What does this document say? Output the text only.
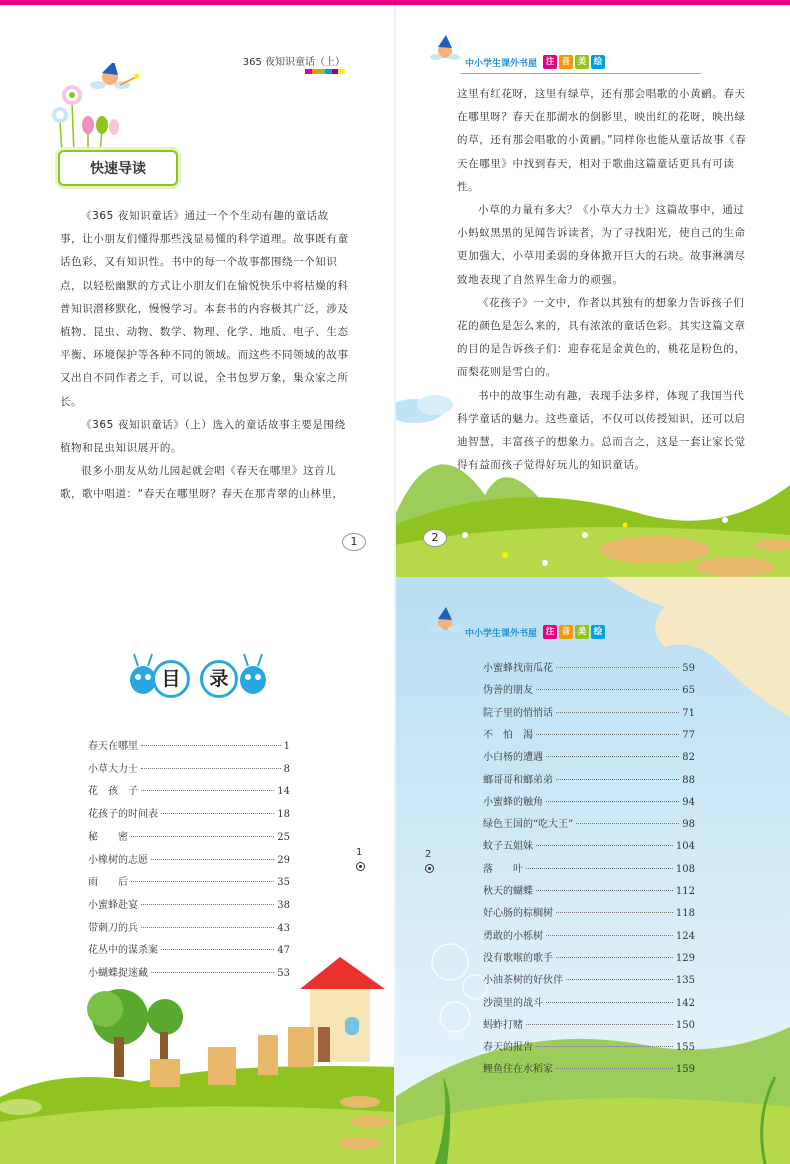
365 夜知识童话（上）
快速导读

《365 夜知识童话》通过一个个生动有趣的童话故事，让小朋友们懂得那些浅显易懂的科学道理。故事既有童话色彩，又有知识性。书中的每一个故事都围绕一个知识点，以轻松幽默的方式让小朋友们在愉悦快乐中将枯燥的科普知识潜移默化，慢慢学习。本套书的内容极其广泛，涉及植物、昆虫、动物、数学、物理、化学、地质、电子、生态平衡、环境保护等各种不同的领域。而这些不同领域的故事又出自不同作者之手，可以说，全书包罗万象，集众家之所长。

《365 夜知识童话》（上）选入的童话故事主要是围绕植物和昆虫知识展开的。

很多小朋友从幼儿园起就会唱《春天在哪里》这首儿歌，歌中唱道：“春天在哪里呀？春天在那青翠的山林里，

1
中小学生课外书屋	注 音 美 绘

这里有红花呀，这里有绿草，还有那会唱歌的小黄鹂。春天在哪里呀？春天在那湖水的倒影里，映出红的花呀，映出绿的草，还有那会唱歌的小黄鹂。”同样你也能从童话故事《春天在哪里》中找到春天，相对于歌曲这篇童话更具有可读性。

小草的力量有多大？《小草大力士》这篇故事中，通过小蚂蚁黑黑的见闻告诉读者，为了寻找阳光，使自己的生命更加强大，小草用柔弱的身体掀开巨大的石块。故事淋漓尽致地表现了自然界生命力的顽强。

《花孩子》一文中，作者以其独有的想象力告诉孩子们花的颜色是怎么来的，具有浓浓的童话色彩。其实这篇文章的目的是告诉孩子们：迎春花是金黄色的，桃花是粉色的，而梨花则是雪白的。

书中的故事生动有趣，表现手法多样，体现了我国当代科学童话的魅力。这些童话，不仅可以传授知识，还可以启迪智慧，丰富孩子的想象力。总而言之，这是一套让家长觉得有益而孩子觉得好玩儿的知识童话。

2
目	录
春天在哪里	1
小草大力士	8
花　孩　子	14
花孩子的时间表	18
秘　　密	25
小橡树的志愿	29
雨　　后	35
小蜜蜂赴宴	38
带刺刀的兵	43
花丛中的谋杀案	47
小蝴蝶捉迷藏	53
1
中小学生课外书屋	注 音 美 绘
小蜜蜂找南瓜花	59
伪善的朋友	65
院子里的悄悄话	71
不　怕　渴	77
小白杨的遭遇	82
螂哥哥和螂弟弟	88
小蜜蜂的触角	94
绿色王国的“吃大王”	98
蚊子五姐妹	104
落　　叶	108
秋天的蝴蝶	112
好心肠的棕榈树	118
勇敢的小栎树	124
没有歌喉的歌手	129
小油茶树的好伙伴	135
沙漠里的战斗	142
蚂蚱打赌	150
春天的报告	155
鲤鱼住在水稻家	159
2
